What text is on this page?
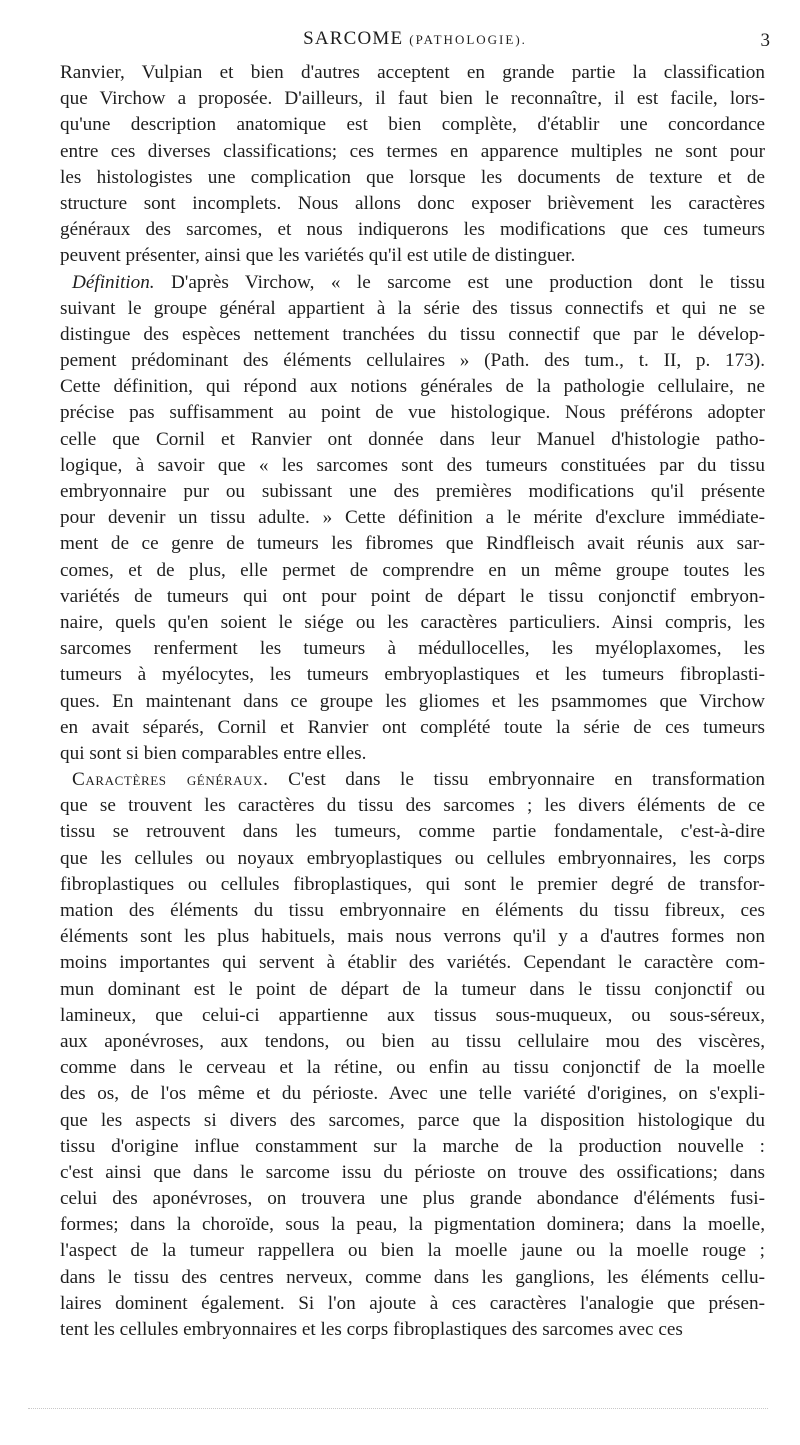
SARCOME (PATHOLOGIE).	3
Ranvier, Vulpian et bien d'autres acceptent en grande partie la classification
que Virchow a proposée. D'ailleurs, il faut bien le reconnaître, il est facile, lors-
qu'une description anatomique est bien complète, d'établir une concordance
entre ces diverses classifications; ces termes en apparence multiples ne sont pour
les histologistes une complication que lorsque les documents de texture et de
structure sont incomplets. Nous allons donc exposer brièvement les caractères
généraux des sarcomes, et nous indiquerons les modifications que ces tumeurs
peuvent présenter, ainsi que les variétés qu'il est utile de distinguer.
Définition. D'après Virchow, « le sarcome est une production dont le tissu
suivant le groupe général appartient à la série des tissus connectifs et qui ne se
distingue des espèces nettement tranchées du tissu connectif que par le dévelop-
pement prédominant des éléments cellulaires » (Path. des tum., t. II, p. 173).
Cette définition, qui répond aux notions générales de la pathologie cellulaire, ne
précise pas suffisamment au point de vue histologique. Nous préférons adopter
celle que Cornil et Ranvier ont donnée dans leur Manuel d'histologie patho-
logique, à savoir que « les sarcomes sont des tumeurs constituées par du tissu
embryonnaire pur ou subissant une des premières modifications qu'il présente
pour devenir un tissu adulte. » Cette définition a le mérite d'exclure immédiate-
ment de ce genre de tumeurs les fibromes que Rindfleisch avait réunis aux sar-
comes, et de plus, elle permet de comprendre en un même groupe toutes les
variétés de tumeurs qui ont pour point de départ le tissu conjonctif embryon-
naire, quels qu'en soient le siége ou les caractères particuliers. Ainsi compris, les
sarcomes renferment les tumeurs à médullocelles, les myéloplaxomes, les
tumeurs à myélocytes, les tumeurs embryoplastiques et les tumeurs fibroplasti-
ques. En maintenant dans ce groupe les gliomes et les psammomes que Virchow
en avait séparés, Cornil et Ranvier ont complété toute la série de ces tumeurs
qui sont si bien comparables entre elles.
Caractères généraux. C'est dans le tissu embryonnaire en transformation
que se trouvent les caractères du tissu des sarcomes ; les divers éléments de ce
tissu se retrouvent dans les tumeurs, comme partie fondamentale, c'est-à-dire
que les cellules ou noyaux embryoplastiques ou cellules embryonnaires, les corps
fibroplastiques ou cellules fibroplastiques, qui sont le premier degré de transfor-
mation des éléments du tissu embryonnaire en éléments du tissu fibreux, ces
éléments sont les plus habituels, mais nous verrons qu'il y a d'autres formes non
moins importantes qui servent à établir des variétés. Cependant le caractère com-
mun dominant est le point de départ de la tumeur dans le tissu conjonctif ou
lamineux, que celui-ci appartienne aux tissus sous-muqueux, ou sous-séreux,
aux aponévroses, aux tendons, ou bien au tissu cellulaire mou des viscères,
comme dans le cerveau et la rétine, ou enfin au tissu conjonctif de la moelle
des os, de l'os même et du périoste. Avec une telle variété d'origines, on s'expli-
que les aspects si divers des sarcomes, parce que la disposition histologique du
tissu d'origine influe constamment sur la marche de la production nouvelle :
c'est ainsi que dans le sarcome issu du périoste on trouve des ossifications; dans
celui des aponévroses, on trouvera une plus grande abondance d'éléments fusi-
formes; dans la choroïde, sous la peau, la pigmentation dominera; dans la moelle,
l'aspect de la tumeur rappellera ou bien la moelle jaune ou la moelle rouge ;
dans le tissu des centres nerveux, comme dans les ganglions, les éléments cellu-
laires dominent également. Si l'on ajoute à ces caractères l'analogie que présen-
tent les cellules embryonnaires et les corps fibroplastiques des sarcomes avec ces
